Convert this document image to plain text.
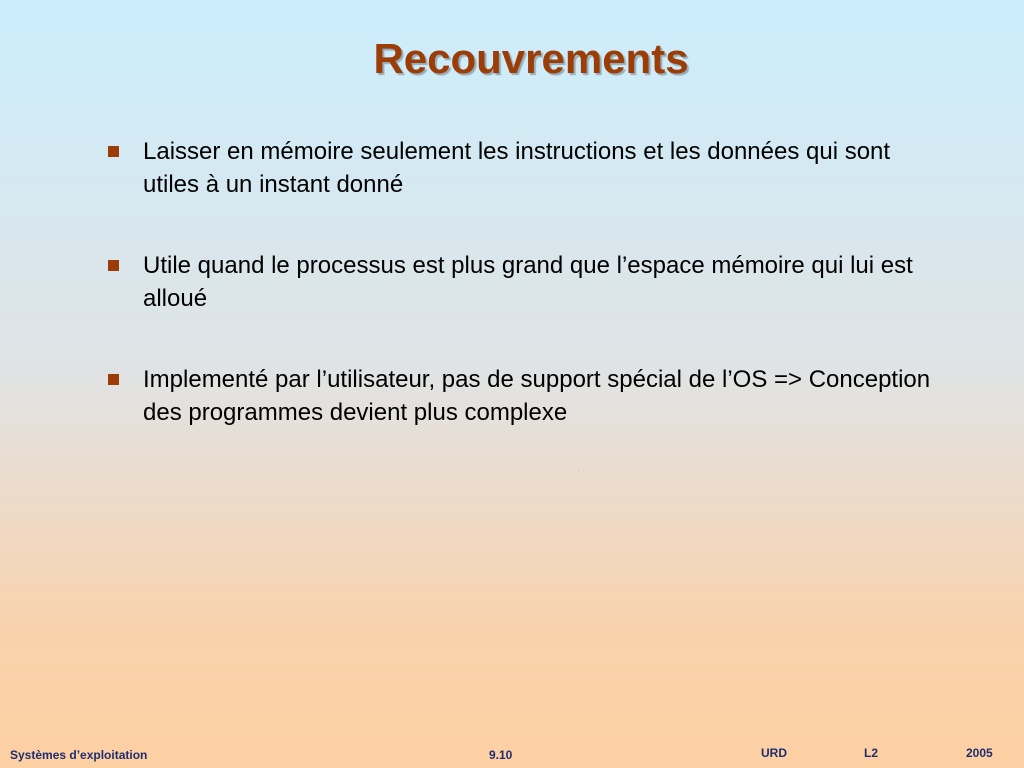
Recouvrements
Laisser en mémoire seulement les instructions et les données qui sont utiles à un instant donné
Utile quand le processus est plus grand que l’espace mémoire qui lui est alloué
Implementé par l’utilisateur, pas de support spécial de l’OS => Conception des programmes devient plus complexe
Systèmes d’exploitation	9.10	URD	L2	2005
